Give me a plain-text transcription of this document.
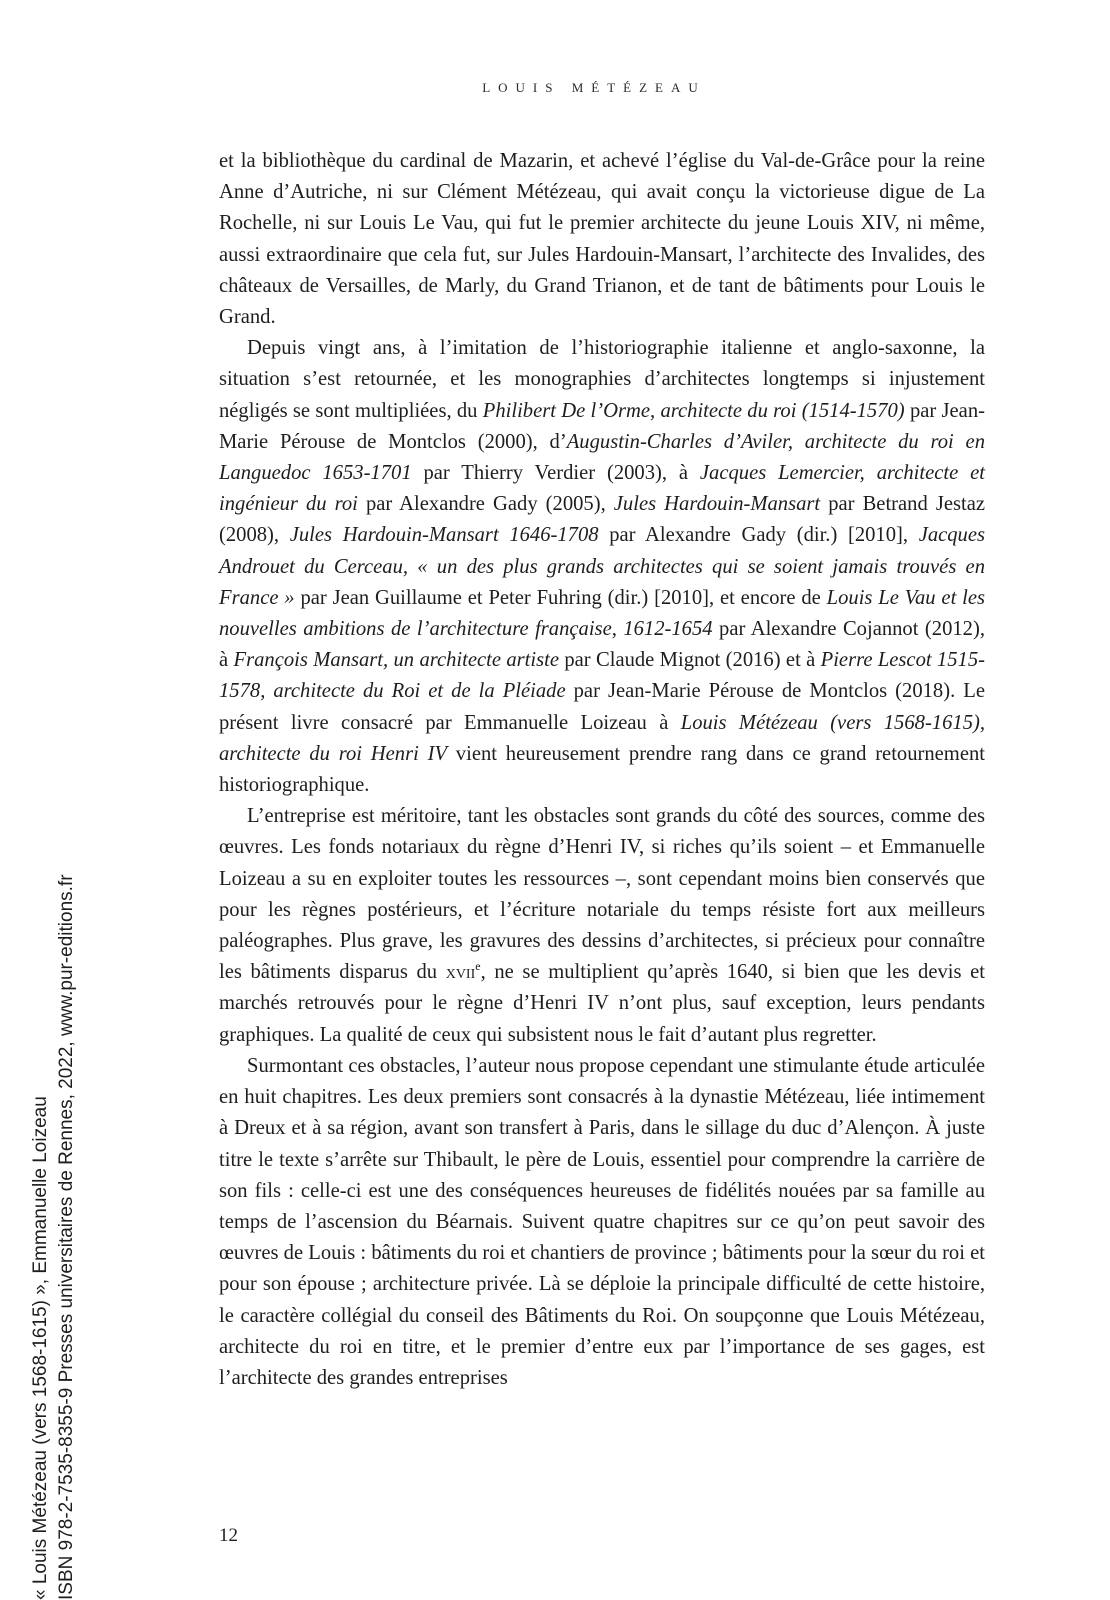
LOUIS MÉTÉZEAU

et la bibliothèque du cardinal de Mazarin, et achevé l’église du Val-de-Grâce pour la reine Anne d’Autriche, ni sur Clément Métézeau, qui avait conçu la victorieuse digue de La Rochelle, ni sur Louis Le Vau, qui fut le premier architecte du jeune Louis XIV, ni même, aussi extraordinaire que cela fut, sur Jules Hardouin-Mansart, l’architecte des Invalides, des châteaux de Versailles, de Marly, du Grand Trianon, et de tant de bâtiments pour Louis le Grand.

Depuis vingt ans, à l’imitation de l’historiographie italienne et anglo-saxonne, la situation s’est retournée, et les monographies d’architectes longtemps si injustement négligés se sont multipliées, du Philibert De l’Orme, architecte du roi (1514-1570) par Jean-Marie Pérouse de Montclos (2000), d’Augustin-Charles d’Aviler, architecte du roi en Languedoc 1653-1701 par Thierry Verdier (2003), à Jacques Lemercier, architecte et ingénieur du roi par Alexandre Gady (2005), Jules Hardouin-Mansart par Betrand Jestaz (2008), Jules Hardouin-Mansart 1646-1708 par Alexandre Gady (dir.) [2010], Jacques Androuet du Cerceau, « un des plus grands architectes qui se soient jamais trouvés en France » par Jean Guillaume et Peter Fuhring (dir.) [2010], et encore de Louis Le Vau et les nouvelles ambitions de l’architecture française, 1612-1654 par Alexandre Cojannot (2012), à François Mansart, un architecte artiste par Claude Mignot (2016) et à Pierre Lescot 1515-1578, architecte du Roi et de la Pléiade par Jean-Marie Pérouse de Montclos (2018). Le présent livre consacré par Emmanuelle Loizeau à Louis Métézeau (vers 1568-1615), architecte du roi Henri IV vient heureusement prendre rang dans ce grand retournement historiographique.

L’entreprise est méritoire, tant les obstacles sont grands du côté des sources, comme des œuvres. Les fonds notariaux du règne d’Henri IV, si riches qu’ils soient – et Emmanuelle Loizeau a su en exploiter toutes les ressources –, sont cependant moins bien conservés que pour les règnes postérieurs, et l’écriture notariale du temps résiste fort aux meilleurs paléographes. Plus grave, les gravures des dessins d’architectes, si précieux pour connaître les bâtiments disparus du xvii$^e$, ne se multiplient qu’après 1640, si bien que les devis et marchés retrouvés pour le règne d’Henri IV n’ont plus, sauf exception, leurs pendants graphiques. La qualité de ceux qui subsistent nous le fait d’autant plus regretter.

Surmontant ces obstacles, l’auteur nous propose cependant une stimulante étude articulée en huit chapitres. Les deux premiers sont consacrés à la dynastie Métézeau, liée intimement à Dreux et à sa région, avant son transfert à Paris, dans le sillage du duc d’Alençon. À juste titre le texte s’arrête sur Thibault, le père de Louis, essentiel pour comprendre la carrière de son fils : celle-ci est une des conséquences heureuses de fidélités nouées par sa famille au temps de l’ascension du Béarnais. Suivent quatre chapitres sur ce qu’on peut savoir des œuvres de Louis : bâtiments du roi et chantiers de province ; bâtiments pour la sœur du roi et pour son épouse ; architecture privée. Là se déploie la principale difficulté de cette histoire, le caractère collégial du conseil des Bâtiments du Roi. On soupçonne que Louis Métézeau, architecte du roi en titre, et le premier d’entre eux par l’importance de ses gages, est l’architecte des grandes entreprises

12
« Louis Métézeau (vers 1568-1615) », Emmanuelle Loizeau ISBN 978-2-7535-8355-9 Presses universitaires de Rennes, 2022, www.pur-editions.fr
